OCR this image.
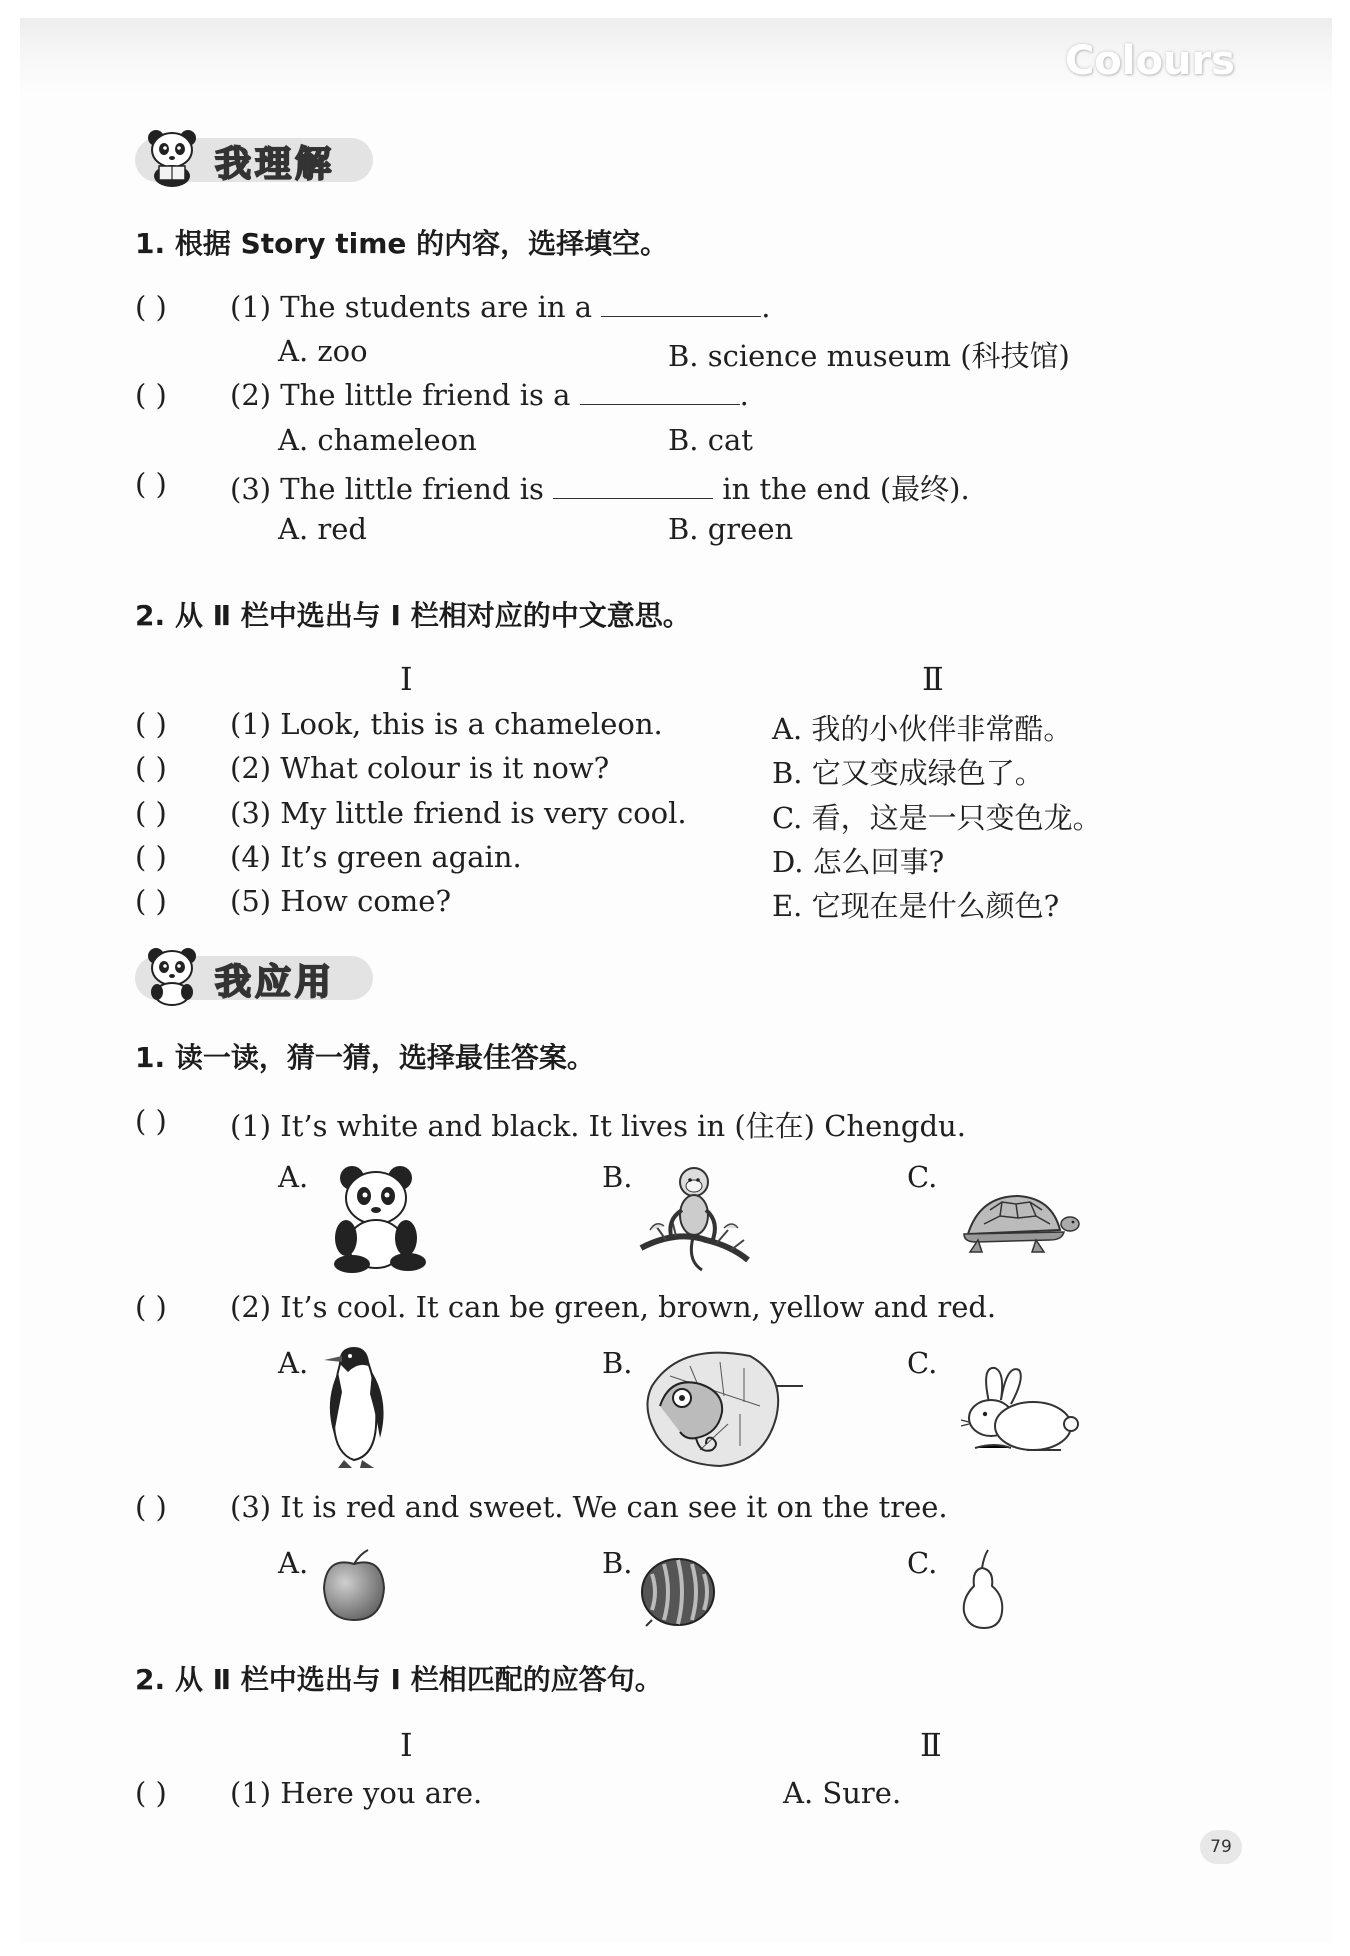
Colours
我理解
1. 根据 Story time 的内容，选择填空。
( ) (1) The students are in a	.
A. zoo	B. science museum (科技馆)
( ) (2) The little friend is a	.
A. chameleon	B. cat
( ) (3) The little friend is	in the end (最终).
A. red	B. green
2. 从 Ⅱ 栏中选出与 Ⅰ 栏相对应的中文意思。
I	Ⅱ
( ) (1) Look, this is a chameleon.	A. 我的小伙伴非常酷。
( ) (2) What colour is it now?	B. 它又变成绿色了。
( ) (3) My little friend is very cool.	C. 看，这是一只变色龙。
( ) (4) It’s green again.	D. 怎么回事?
( ) (5) How come?	E. 它现在是什么颜色?
我应用
1. 读一读，猜一猜，选择最佳答案。
( ) (1) It’s white and black. It lives in (住在) Chengdu.
A.	B.	C.
( ) (2) It’s cool. It can be green, brown, yellow and red.
A.	B.	C.
( ) (3) It is red and sweet. We can see it on the tree.
A.	B.	C.
2. 从 Ⅱ 栏中选出与 Ⅰ 栏相匹配的应答句。
I	Ⅱ
( ) (1) Here you are.	A. Sure.
79
